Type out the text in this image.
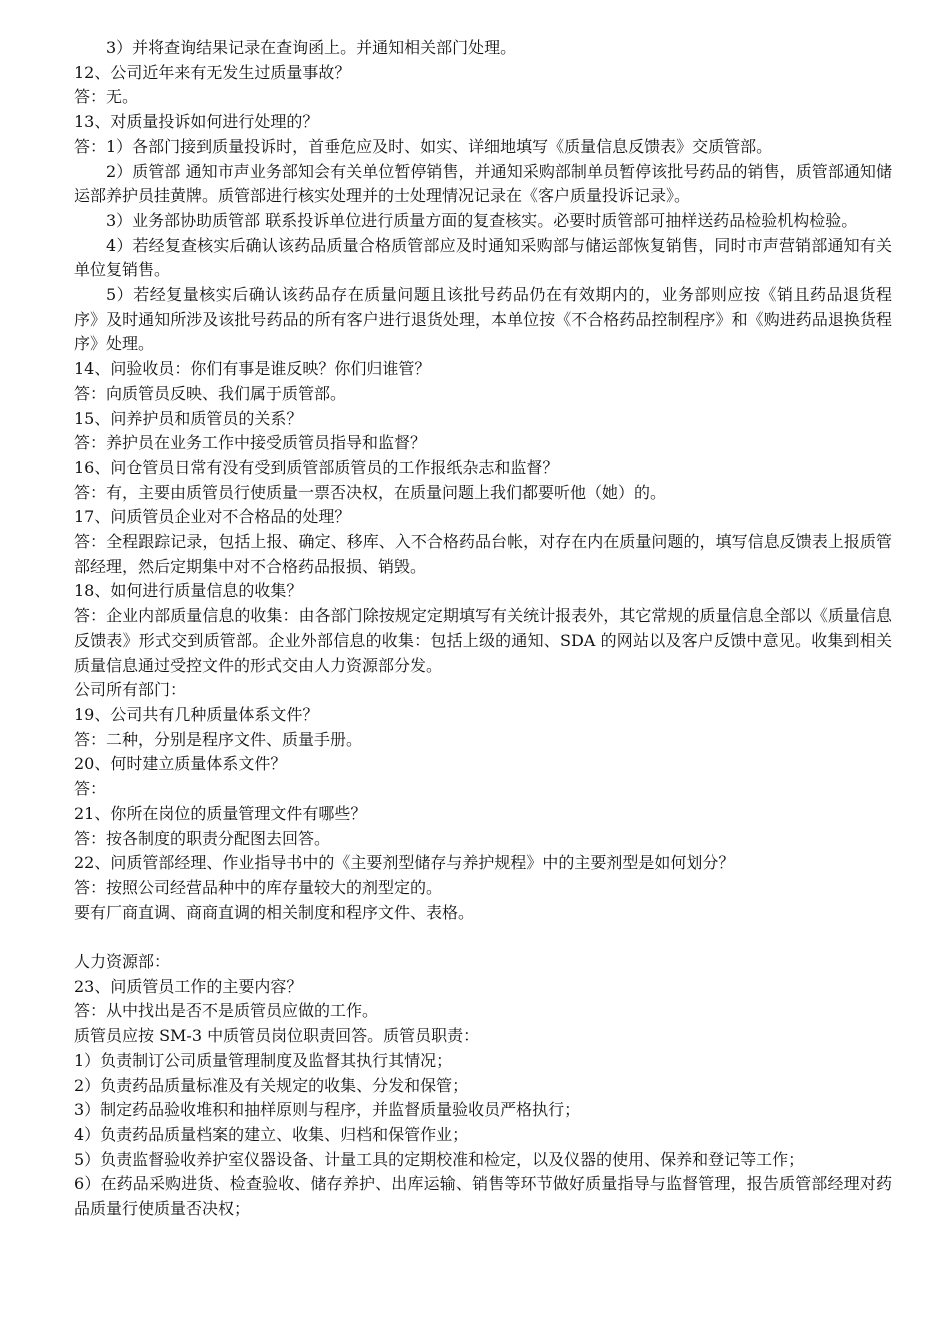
3）并将查询结果记录在查询函上。并通知相关部门处理。

12、公司近年来有无发生过质量事故？

答：无。

13、对质量投诉如何进行处理的？

答：1）各部门接到质量投诉时，首垂危应及时、如实、详细地填写《质量信息反馈表》交质管部。

2）质管部 通知市声业务部知会有关单位暂停销售，并通知采购部制单员暂停该批号药品的销售，质管部通知储运部养护员挂黄牌。质管部进行核实处理并的士处理情况记录在《客户质量投诉记录》。

3）业务部协助质管部 联系投诉单位进行质量方面的复查核实。必要时质管部可抽样送药品检验机构检验。

4）若经复查核实后确认该药品质量合格质管部应及时通知采购部与储运部恢复销售，同时市声营销部通知有关单位复销售。

5）若经复量核实后确认该药品存在质量问题且该批号药品仍在有效期内的，业务部则应按《销且药品退货程序》及时通知所涉及该批号药品的所有客户进行退货处理，本单位按《不合格药品控制程序》和《购进药品退换货程序》处理。

14、问验收员：你们有事是谁反映？你们归谁管？

答：向质管员反映、我们属于质管部。

15、问养护员和质管员的关系？

答：养护员在业务工作中接受质管员指导和监督？

16、问仓管员日常有没有受到质管部质管员的工作报纸杂志和监督？

答：有，主要由质管员行使质量一票否决权，在质量问题上我们都要听他（她）的。

17、问质管员企业对不合格品的处理？

答：全程跟踪记录，包括上报、确定、移库、入不合格药品台帐，对存在内在质量问题的，填写信息反馈表上报质管部经理，然后定期集中对不合格药品报损、销毁。

18、如何进行质量信息的收集？

答：企业内部质量信息的收集：由各部门除按规定定期填写有关统计报表外，其它常规的质量信息全部以《质量信息反馈表》形式交到质管部。企业外部信息的收集：包括上级的通知、SDA 的网站以及客户反馈中意见。收集到相关质量信息通过受控文件的形式交由人力资源部分发。

公司所有部门：

19、公司共有几种质量体系文件？

答：二种，分别是程序文件、质量手册。

20、何时建立质量体系文件？

答：

21、你所在岗位的质量管理文件有哪些？

答：按各制度的职责分配图去回答。

22、问质管部经理、作业指导书中的《主要剂型储存与养护规程》中的主要剂型是如何划分？

答：按照公司经营品种中的库存量较大的剂型定的。

要有厂商直调、商商直调的相关制度和程序文件、表格。

人力资源部：

23、问质管员工作的主要内容？

答：从中找出是否不是质管员应做的工作。

质管员应按 SM-3 中质管员岗位职责回答。质管员职责：

1）负责制订公司质量管理制度及监督其执行其情况；

2）负责药品质量标准及有关规定的收集、分发和保管；

3）制定药品验收堆积和抽样原则与程序，并监督质量验收员严格执行；

4）负责药品质量档案的建立、收集、归档和保管作业；

5）负责监督验收养护室仪器设备、计量工具的定期校准和检定，以及仪器的使用、保养和登记等工作；

6）在药品采购进货、检查验收、储存养护、出库运输、销售等环节做好质量指导与监督管理，报告质管部经理对药品质量行使质量否决权；
